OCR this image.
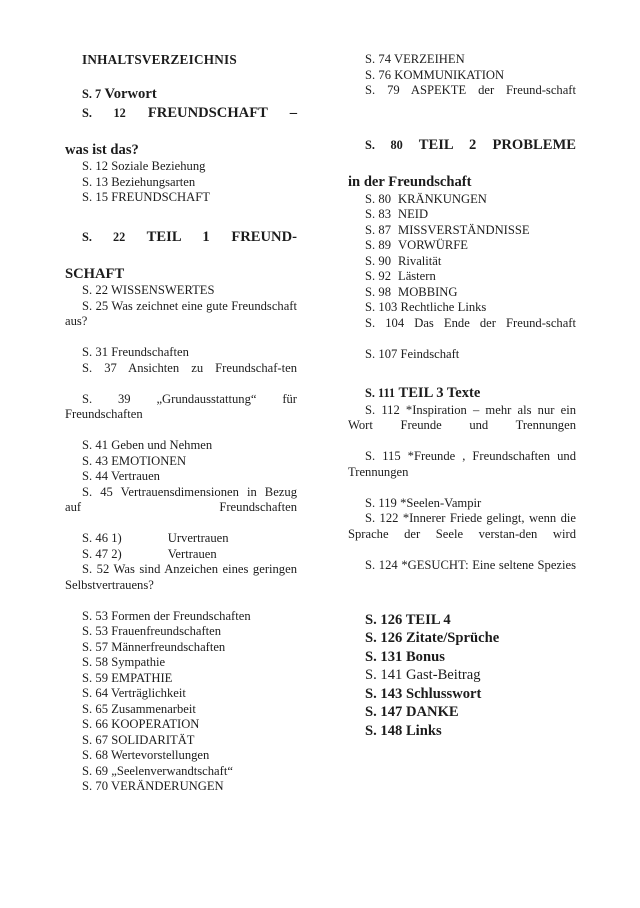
INHALTSVERZEICHNIS

S. 7 Vorwort

S. 12 FREUNDSCHAFT –

was ist das?

S. 12 Soziale Beziehung

S. 13 Beziehungsarten

S. 15 FREUNDSCHAFT

S. 22 TEIL 1 FREUND-

SCHAFT

S. 22 WISSENSWERTES

S. 25 Was zeichnet eine gute Freundschaft aus?

S. 31 Freundschaften

S. 37 Ansichten zu Freundschaf-ten

S. 39 „Grundausstattung“ für Freundschaften

S. 41 Geben und Nehmen

S. 43 EMOTIONEN

S. 44 Vertrauen

S. 45 Vertrauensdimensionen in Bezug auf Freundschaften

S. 46 1)	Urvertrauen

S. 47 2)	Vertrauen

S. 52 Was sind Anzeichen eines geringen Selbstvertrauens?

S. 53 Formen der Freundschaften

S. 53 Frauenfreundschaften

S. 57 Männerfreundschaften

S. 58 Sympathie

S. 59 EMPATHIE

S. 64 Verträglichkeit

S. 65 Zusammenarbeit

S. 66 KOOPERATION

S. 67 SOLIDARITÄT

S. 68 Wertevorstellungen

S. 69 „Seelenverwandtschaft“

S. 70 VERÄNDERUNGEN

S. 74 VERZEIHEN

S. 76 KOMMUNIKATION

S. 79 ASPEKTE der Freund-schaft

S. 80 TEIL 2 PROBLEME

in der Freundschaft

S. 80 KRÄNKUNGEN

S. 83 NEID

S. 87 MISSVERSTÄNDNISSE

S. 89 VORWÜRFE

S. 90 Rivalität

S. 92 Lästern

S. 98 MOBBING

S. 103 Rechtliche Links

S. 104 Das Ende der Freund-schaft

S. 107 Feindschaft

S. 111 TEIL 3 Texte

S. 112 *Inspiration – mehr als nur ein Wort Freunde und Trennungen

S. 115 *Freunde , Freundschaften und Trennungen

S. 119 *Seelen-Vampir

S. 122 *Innerer Friede gelingt, wenn die Sprache der Seele verstan-den wird

S. 124 *GESUCHT: Eine seltene Spezies

S. 126 TEIL 4

S. 126 Zitate/Sprüche

S. 131 Bonus

S. 141 Gast-Beitrag

S. 143 Schlusswort

S. 147 DANKE

S. 148 Links
